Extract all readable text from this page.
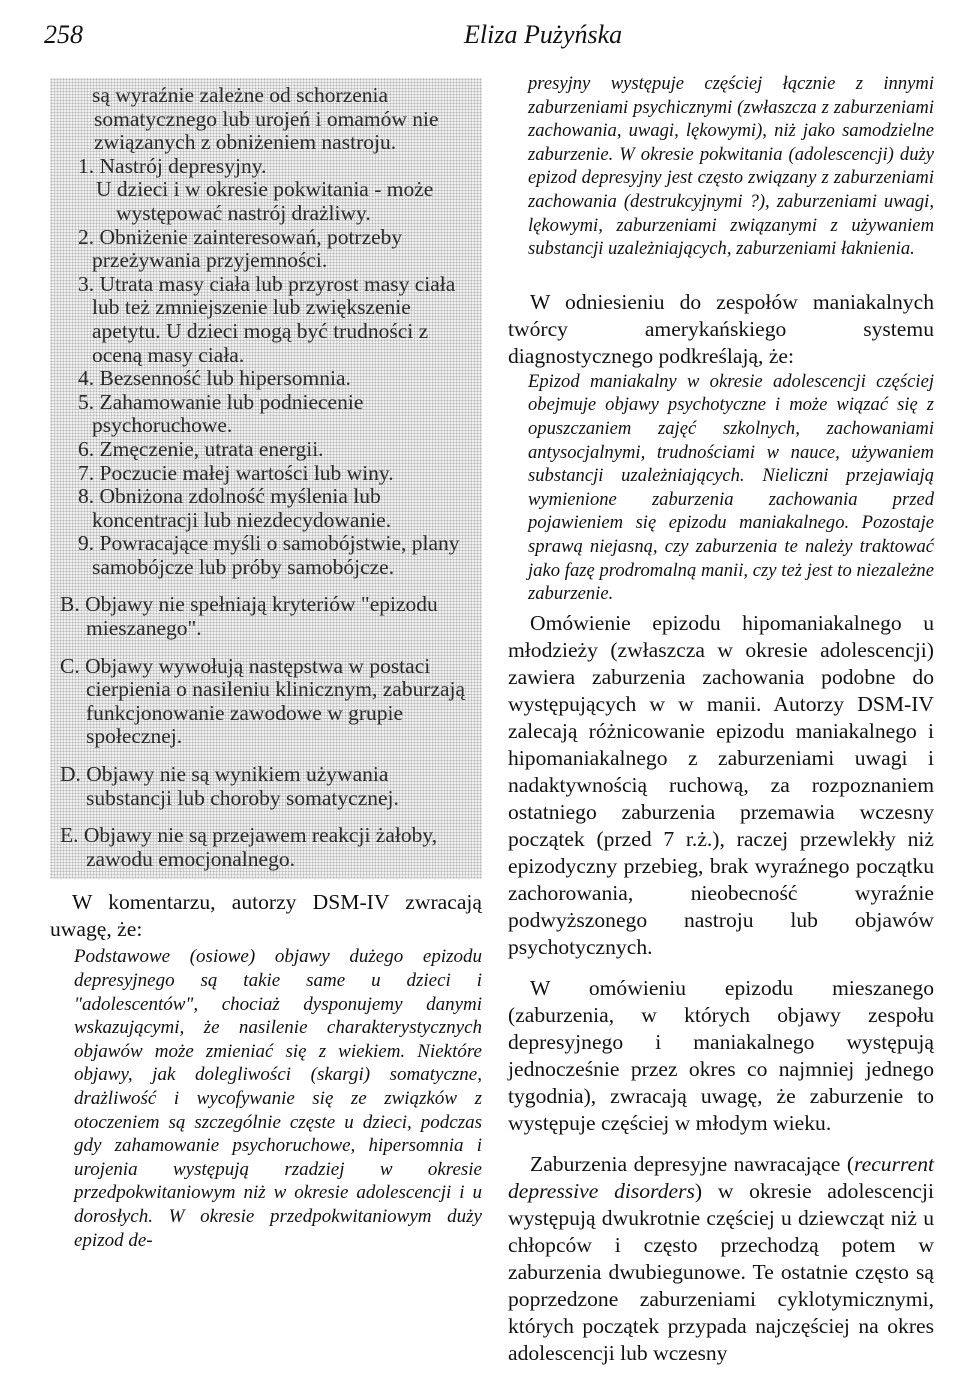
258	Eliza Pużyńska

są wyraźnie zależne od schorzenia somatycznego lub urojeń i omamów nie związanych z obniżeniem nastroju.

1. Nastrój depresyjny.

U dzieci i w okresie pokwitania - może występować nastrój drażliwy.

2. Obniżenie zainteresowań, potrzeby przeżywania przyjemności.

3. Utrata masy ciała lub przyrost masy ciała lub też zmniejszenie lub zwiększenie apetytu. U dzieci mogą być trudności z oceną masy ciała.

4. Bezsenność lub hipersomnia.

5. Zahamowanie lub podniecenie psychoruchowe.

6. Zmęczenie, utrata energii.

7. Poczucie małej wartości lub winy.

8. Obniżona zdolność myślenia lub koncentracji lub niezdecydowanie.

9. Powracające myśli o samobójstwie, plany samobójcze lub próby samobójcze.

B. Objawy nie spełniają kryteriów "epizodu mieszanego".

C. Objawy wywołują następstwa w postaci cierpienia o nasileniu klinicznym, zaburzają funkcjonowanie zawodowe w grupie społecznej.

D. Objawy nie są wynikiem używania substancji lub choroby somatycznej.

E. Objawy nie są przejawem reakcji żałoby, zawodu emocjonalnego.

W komentarzu, autorzy DSM-IV zwracają uwagę, że:

Podstawowe (osiowe) objawy dużego epizodu depresyjnego są takie same u dzieci i "adolescentów", chociaż dysponujemy danymi wskazującymi, że nasilenie charakterystycznych objawów może zmieniać się z wiekiem. Niektóre objawy, jak dolegliwości (skargi) somatyczne, drażliwość i wycofywanie się ze związków z otoczeniem są szczególnie częste u dzieci, podczas gdy zahamowanie psychoruchowe, hipersomnia i urojenia występują rzadziej w okresie przedpokwitaniowym niż w okresie adolescencji i u dorosłych. W okresie przedpokwitaniowym duży epizod de-

presyjny występuje częściej łącznie z innymi zaburzeniami psychicznymi (zwłaszcza z zaburzeniami zachowania, uwagi, lękowymi), niż jako samodzielne zaburzenie. W okresie pokwitania (adolescencji) duży epizod depresyjny jest często związany z zaburzeniami zachowania (destrukcyjnymi ?), zaburzeniami uwagi, lękowymi, zaburzeniami związanymi z używaniem substancji uzależniających, zaburzeniami łaknienia.

W odniesieniu do zespołów maniakalnych twórcy amerykańskiego systemu diagnostycznego podkreślają, że:

Epizod maniakalny w okresie adolescencji częściej obejmuje objawy psychotyczne i może wiązać się z opuszczaniem zajęć szkolnych, zachowaniami antysocjalnymi, trudnościami w nauce, używaniem substancji uzależniających. Nieliczni przejawiają wymienione zaburzenia zachowania przed pojawieniem się epizodu maniakalnego. Pozostaje sprawą niejasną, czy zaburzenia te należy traktować jako fazę prodromalną manii, czy też jest to niezależne zaburzenie.

Omówienie epizodu hipomaniakalnego u młodzieży (zwłaszcza w okresie adolescencji) zawiera zaburzenia zachowania podobne do występujących w w manii. Autorzy DSM-IV zalecają różnicowanie epizodu maniakalnego i hipomaniakalnego z zaburzeniami uwagi i nadaktywnością ruchową, za rozpoznaniem ostatniego zaburzenia przemawia wczesny początek (przed 7 r.ż.), raczej przewlekły niż epizodyczny przebieg, brak wyraźnego początku zachorowania, nieobecność wyraźnie podwyższonego nastroju lub objawów psychotycznych.

W omówieniu epizodu mieszanego (zaburzenia, w których objawy zespołu depresyjnego i maniakalnego występują jednocześnie przez okres co najmniej jednego tygodnia), zwracają uwagę, że zaburzenie to występuje częściej w młodym wieku.

Zaburzenia depresyjne nawracające (recurrent depressive disorders) w okresie adolescencji występują dwukrotnie częściej u dziewcząt niż u chłopców i często przechodzą potem w zaburzenia dwubiegunowe. Te ostatnie często są poprzedzone zaburzeniami cyklotymicznymi, których początek przypada najczęściej na okres adolescencji lub wczesny
